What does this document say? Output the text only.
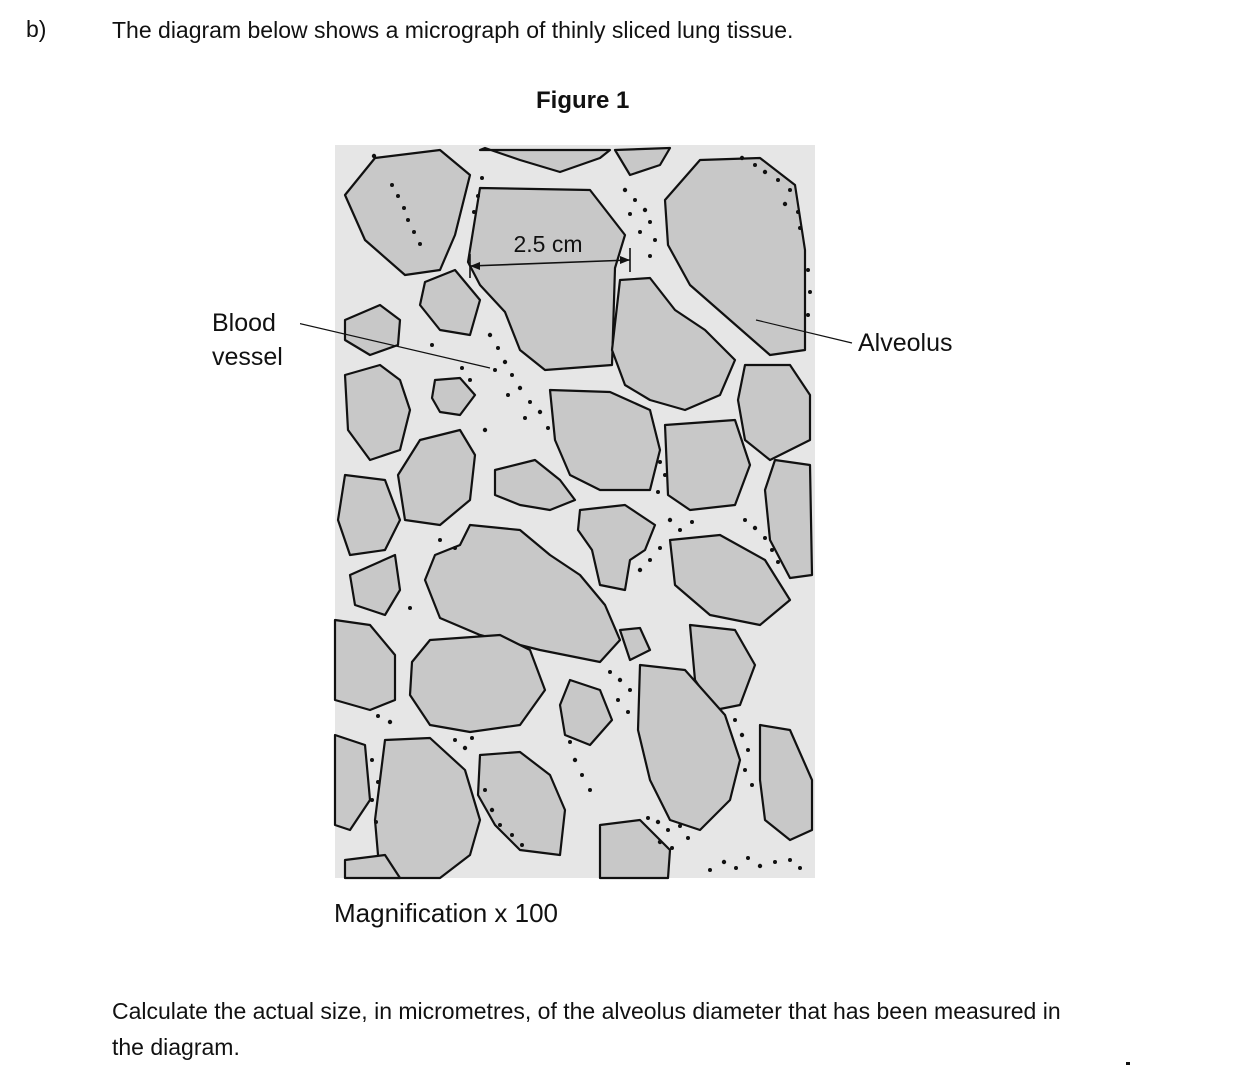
b)	The diagram below shows a micrograph of thinly sliced lung tissue.
Figure 1
Blood
vessel	Alveolus
2.5 cm
Magnification x 100
Calculate the actual size, in micrometres, of the alveolus diameter that has been measured in the diagram.
